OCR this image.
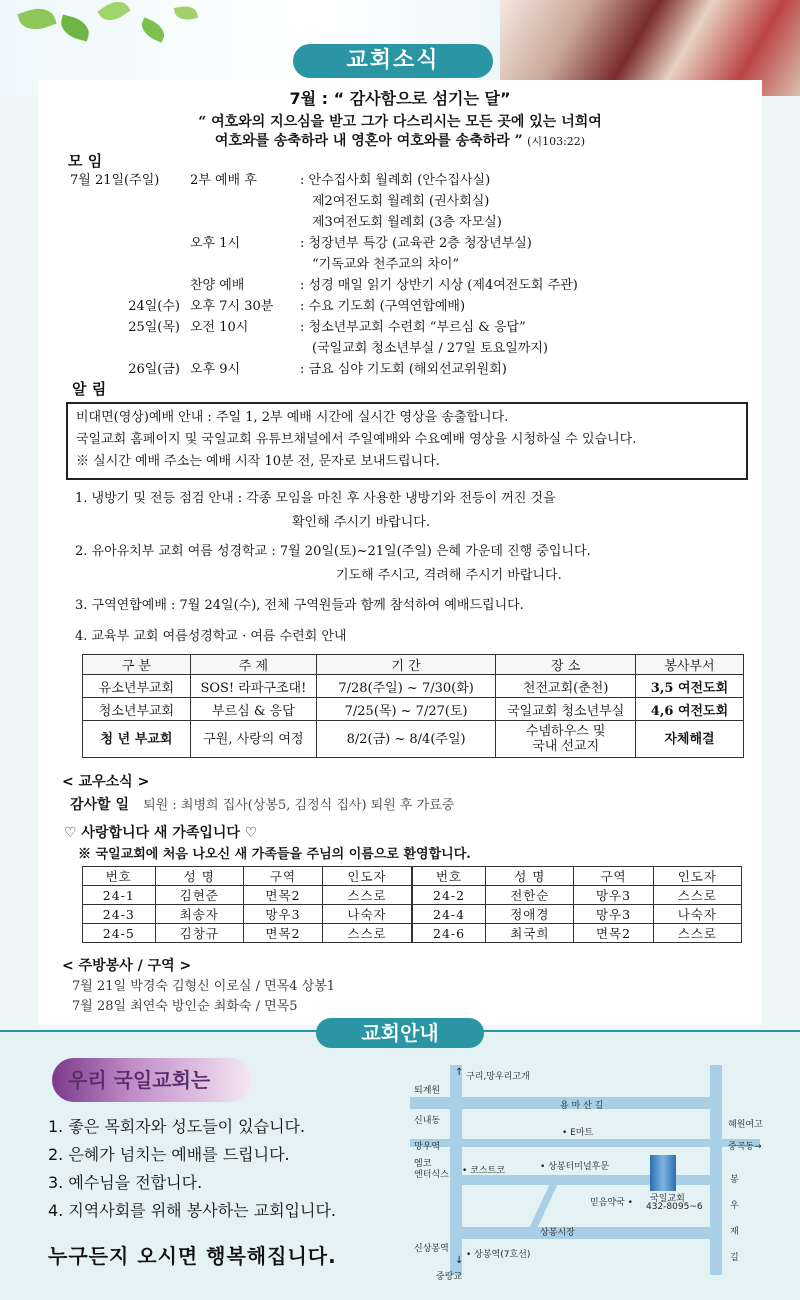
교회소식
7월 : “ 감사함으로 섬기는 달”
“ 여호와의 지으심을 받고 그가 다스리시는 모든 곳에 있는 너희여
여호와를 송축하라 내 영혼아 여호와를 송축하라 ” (시103:22)
모 임
7월 21일(주일) 2부 예배 후	: 안수집사회 월례회 (안수집사실)
제2여전도회 월례회 (권사회실)
제3여전도회 월례회 (3층 자모실)
오후 1시	: 청장년부 특강 (교육관 2층 청장년부실)
“기독교와 천주교의 차이”
찬양 예배	: 성경 매일 읽기 상반기 시상 (제4여전도회 주관)
24일(수) 오후 7시 30분 : 수요 기도회 (구역연합예배)
25일(목) 오전 10시	: 청소년부교회 수련회 “부르심 & 응답”
(국일교회 청소년부실 / 27일 토요일까지)
26일(금) 오후 9시	: 금요 심야 기도회 (해외선교위원회)
알 림
비대면(영상)예배 안내 : 주일 1, 2부 예배 시간에 실시간 영상을 송출합니다.
국일교회 홈페이지 및 국일교회 유튜브채널에서 주일예배와 수요예배 영상을 시청하실 수 있습니다.
※ 실시간 예배 주소는 예배 시작 10분 전, 문자로 보내드립니다.
1. 냉방기 및 전등 점검 안내 : 각종 모임을 마친 후 사용한 냉방기와 전등이 꺼진 것을
확인해 주시기 바랍니다.
2. 유아유치부 교회 여름 성경학교 : 7월 20일(토)~21일(주일) 은혜 가운데 진행 중입니다.
기도해 주시고, 격려해 주시기 바랍니다.
3. 구역연합예배 : 7월 24일(수), 전체 구역원들과 함께 참석하여 예배드립니다.
4. 교육부 교회 여름성경학교 · 여름 수련회 안내
구 분	주 제	기 간	장 소	봉사부서
유소년부교회	SOS! 라파구조대!	7/28(주일) ~ 7/30(화)	천전교회(춘천)	3,5 여전도회
청소년부교회	부르심 & 응답	7/25(목) ~ 7/27(토)	국일교회 청소년부실	4,6 여전도회
청 년 부교회	구원, 사랑의 여정	8/2(금) ~ 8/4(주일)	수넴하우스 및
국내 선교지	자체해결
< 교우소식 >
감사할 일 퇴원 : 최병희 집사(상봉5, 김정식 집사) 퇴원 후 가료중
♡ 사랑합니다 새 가족입니다 ♡
※ 국일교회에 처음 나오신 새 가족들을 주님의 이름으로 환영합니다.
번호	성 명	구역	인도자	번호	성 명	구역	인도자
24-1	김현준	면목2	스스로	24-2	전한순	망우3	스스로
24-3	최송자	망우3	나숙자	24-4	정애경	망우3	나숙자
24-5	김창규	면목2	스스로	24-6	최국희	면목2	스스로
< 주방봉사 / 구역 >
7월 21일 박경숙 김형신 이로실 / 면목4 상봉1
7월 28일 최연숙 방인순 최화숙 / 면목5
교회안내
우리 국일교회는
1. 좋은 목회자와 성도들이 있습니다.
2. 은혜가 넘치는 예배를 드립니다.
3. 예수님을 전합니다.
4. 지역사회를 위해 봉사하는 교회입니다.
누구든지 오시면 행복해집니다.
구리,망우리고개
↑
퇴계원
용 마 산 길
신내동
• E마트
혜원여고
망우역	중곡동→
엠코
엔터식스 • 코스트코	• 상봉터미널후문
국일교회
432-8095~6
믿음약국 •
봉
우
재
길
상봉시장
신상봉역
• 상봉역(7호선)
↓
중랑교
